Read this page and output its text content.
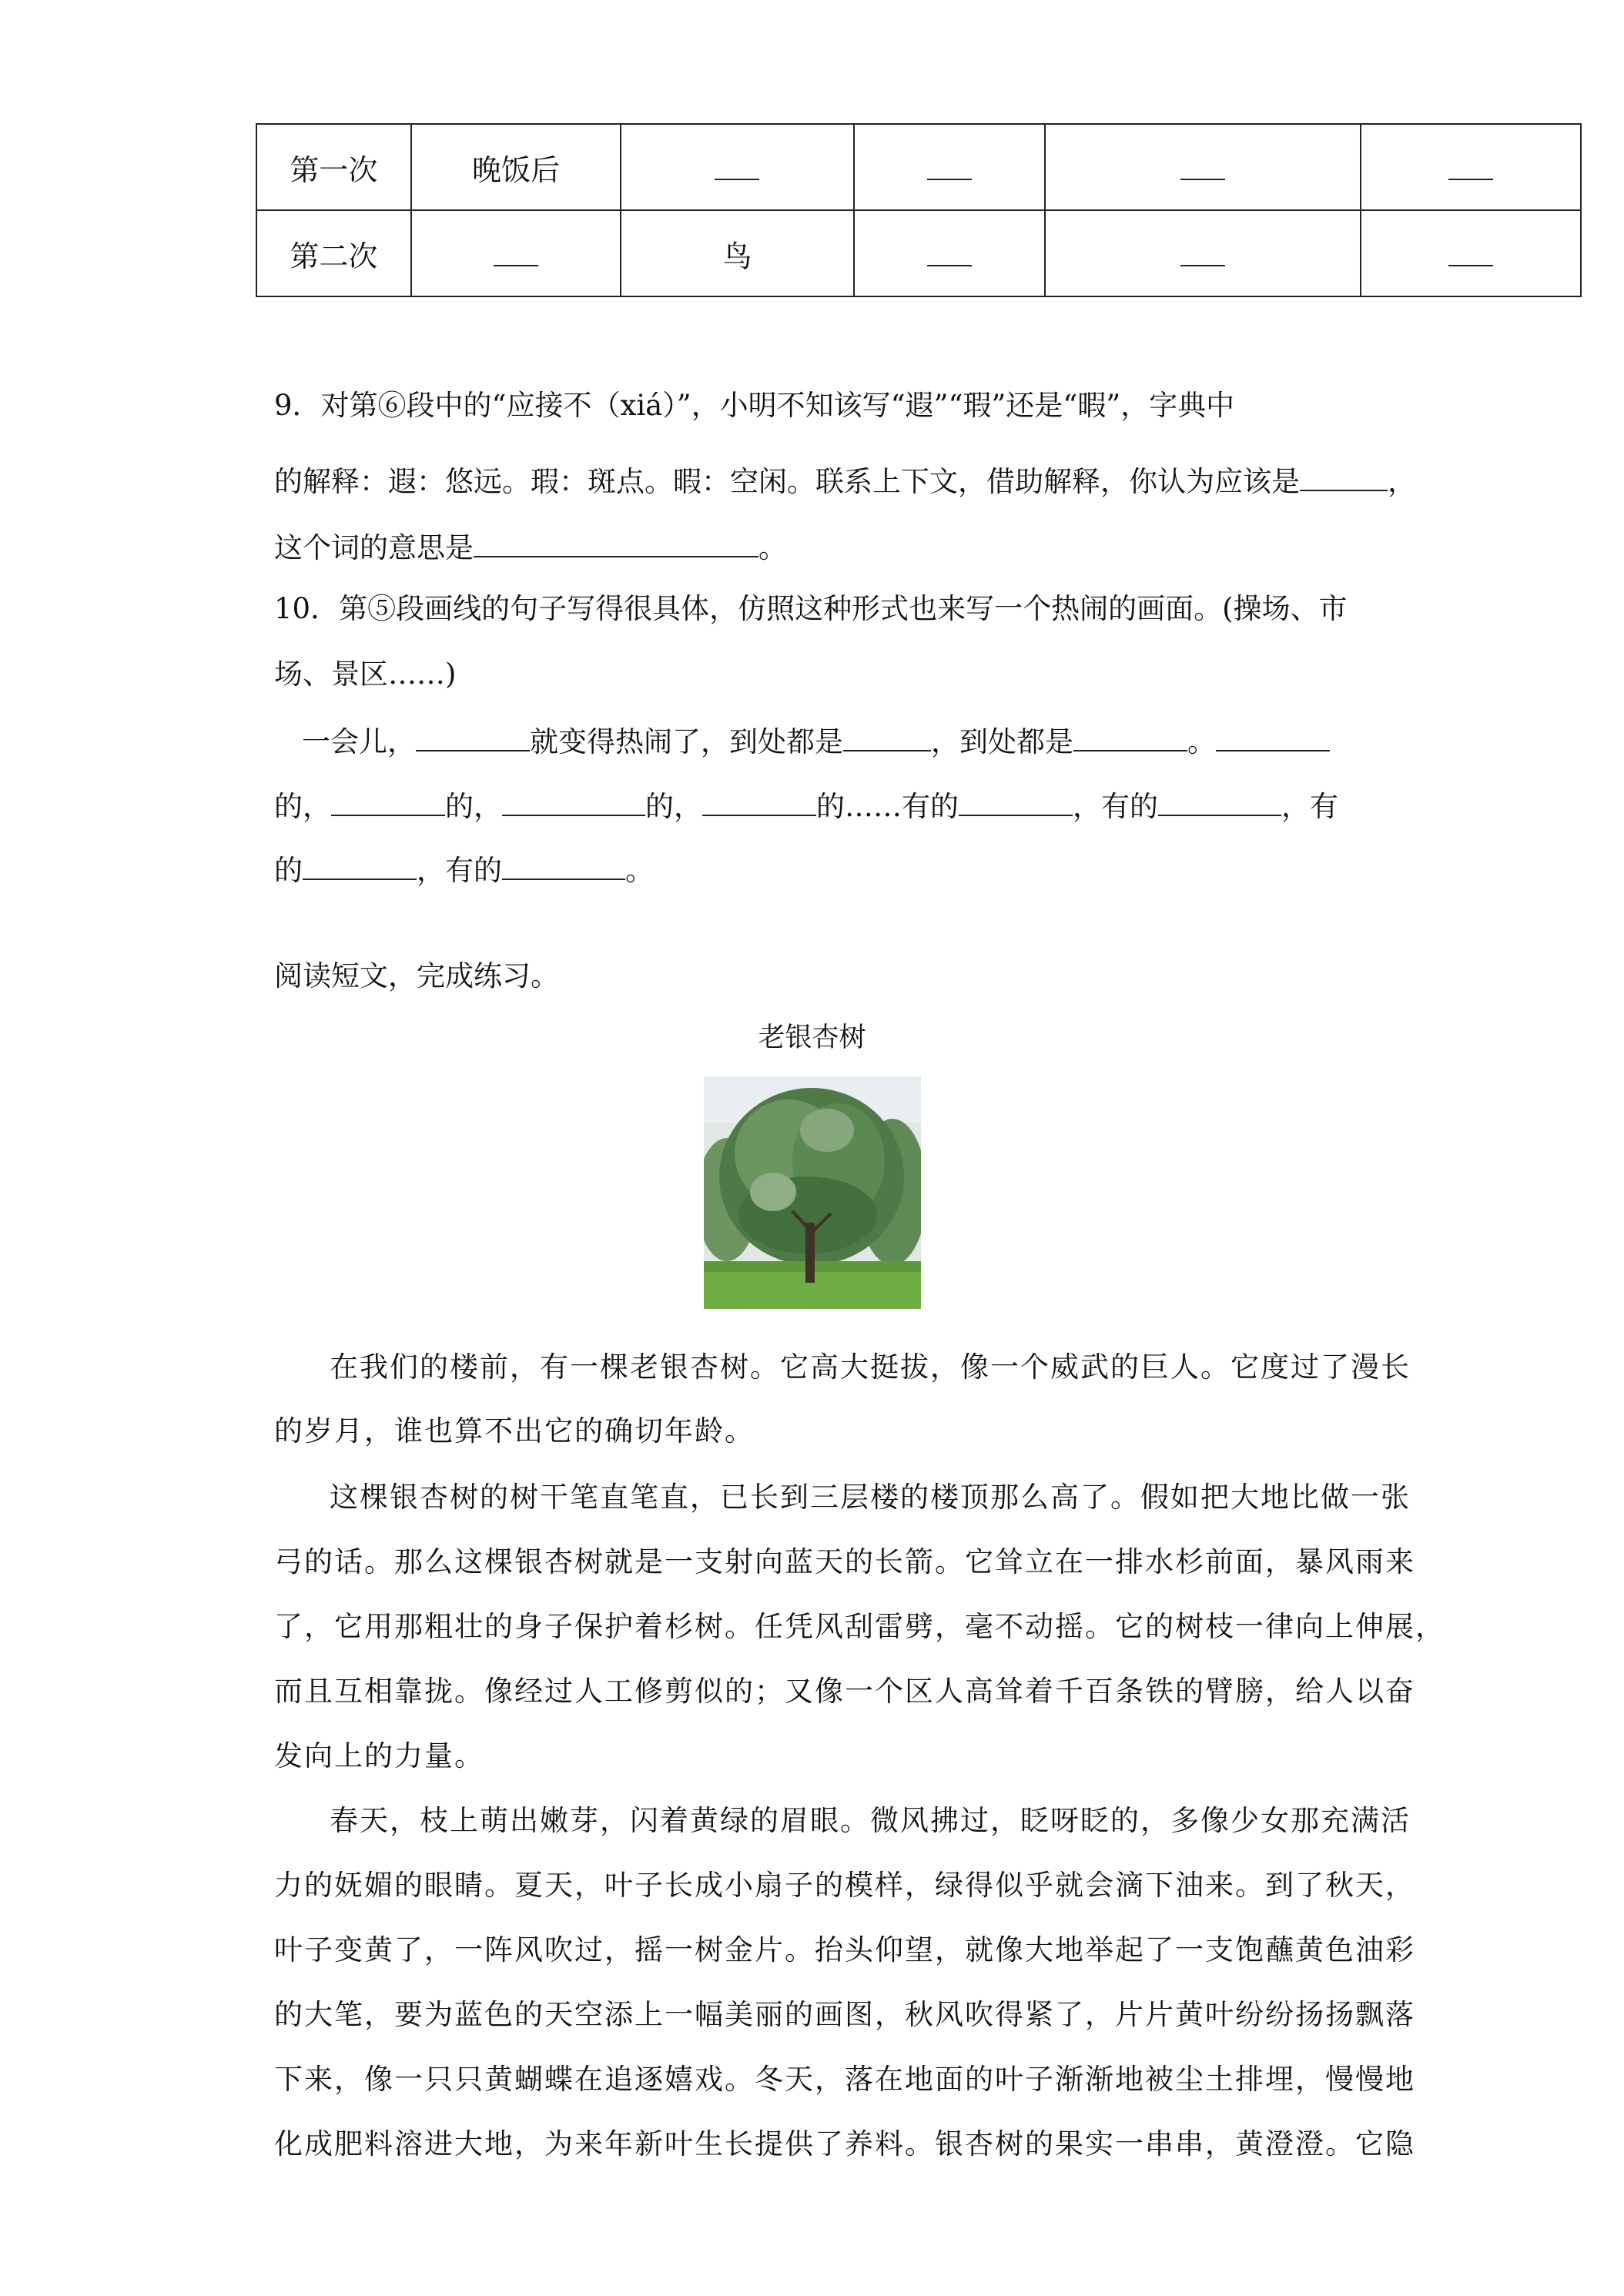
第一次	晚饭后				
第二次		鸟			
9．对第⑥段中的“应接不（xiá）”，小明不知该写“遐”“瑕”还是“暇”，字典中
的解释：遐：悠远。瑕：斑点。暇：空闲。联系上下文，借助解释，你认为应该是	，
这个词的意思是	。
10．第⑤段画线的句子写得很具体，仿照这种形式也来写一个热闹的画面。(操场、市
场、景区……)
一会儿，	就变得热闹了，到处都是	，到处都是	。
的，	的，	的，	的……有的	，有的	，有
的	，有的	。
阅读短文，完成练习。
老银杏树
在我们的楼前，有一棵老银杏树。它高大挺拔，像一个威武的巨人。它度过了漫长
的岁月，谁也算不出它的确切年龄。
这棵银杏树的树干笔直笔直，已长到三层楼的楼顶那么高了。假如把大地比做一张
弓的话。那么这棵银杏树就是一支射向蓝天的长箭。它耸立在一排水杉前面，暴风雨来
了，它用那粗壮的身子保护着杉树。任凭风刮雷劈，毫不动摇。它的树枝一律向上伸展，
而且互相靠拢。像经过人工修剪似的；又像一个区人高耸着千百条铁的臂膀，给人以奋
发向上的力量。
春天，枝上萌出嫩芽，闪着黄绿的眉眼。微风拂过，眨呀眨的，多像少女那充满活
力的妩媚的眼睛。夏天，叶子长成小扇子的模样，绿得似乎就会滴下油来。到了秋天，
叶子变黄了，一阵风吹过，摇一树金片。抬头仰望，就像大地举起了一支饱蘸黄色油彩
的大笔，要为蓝色的天空添上一幅美丽的画图，秋风吹得紧了，片片黄叶纷纷扬扬飘落
下来，像一只只黄蝴蝶在追逐嬉戏。冬天，落在地面的叶子渐渐地被尘土排埋，慢慢地
化成肥料溶进大地，为来年新叶生长提供了养料。银杏树的果实一串串，黄澄澄。它隐
